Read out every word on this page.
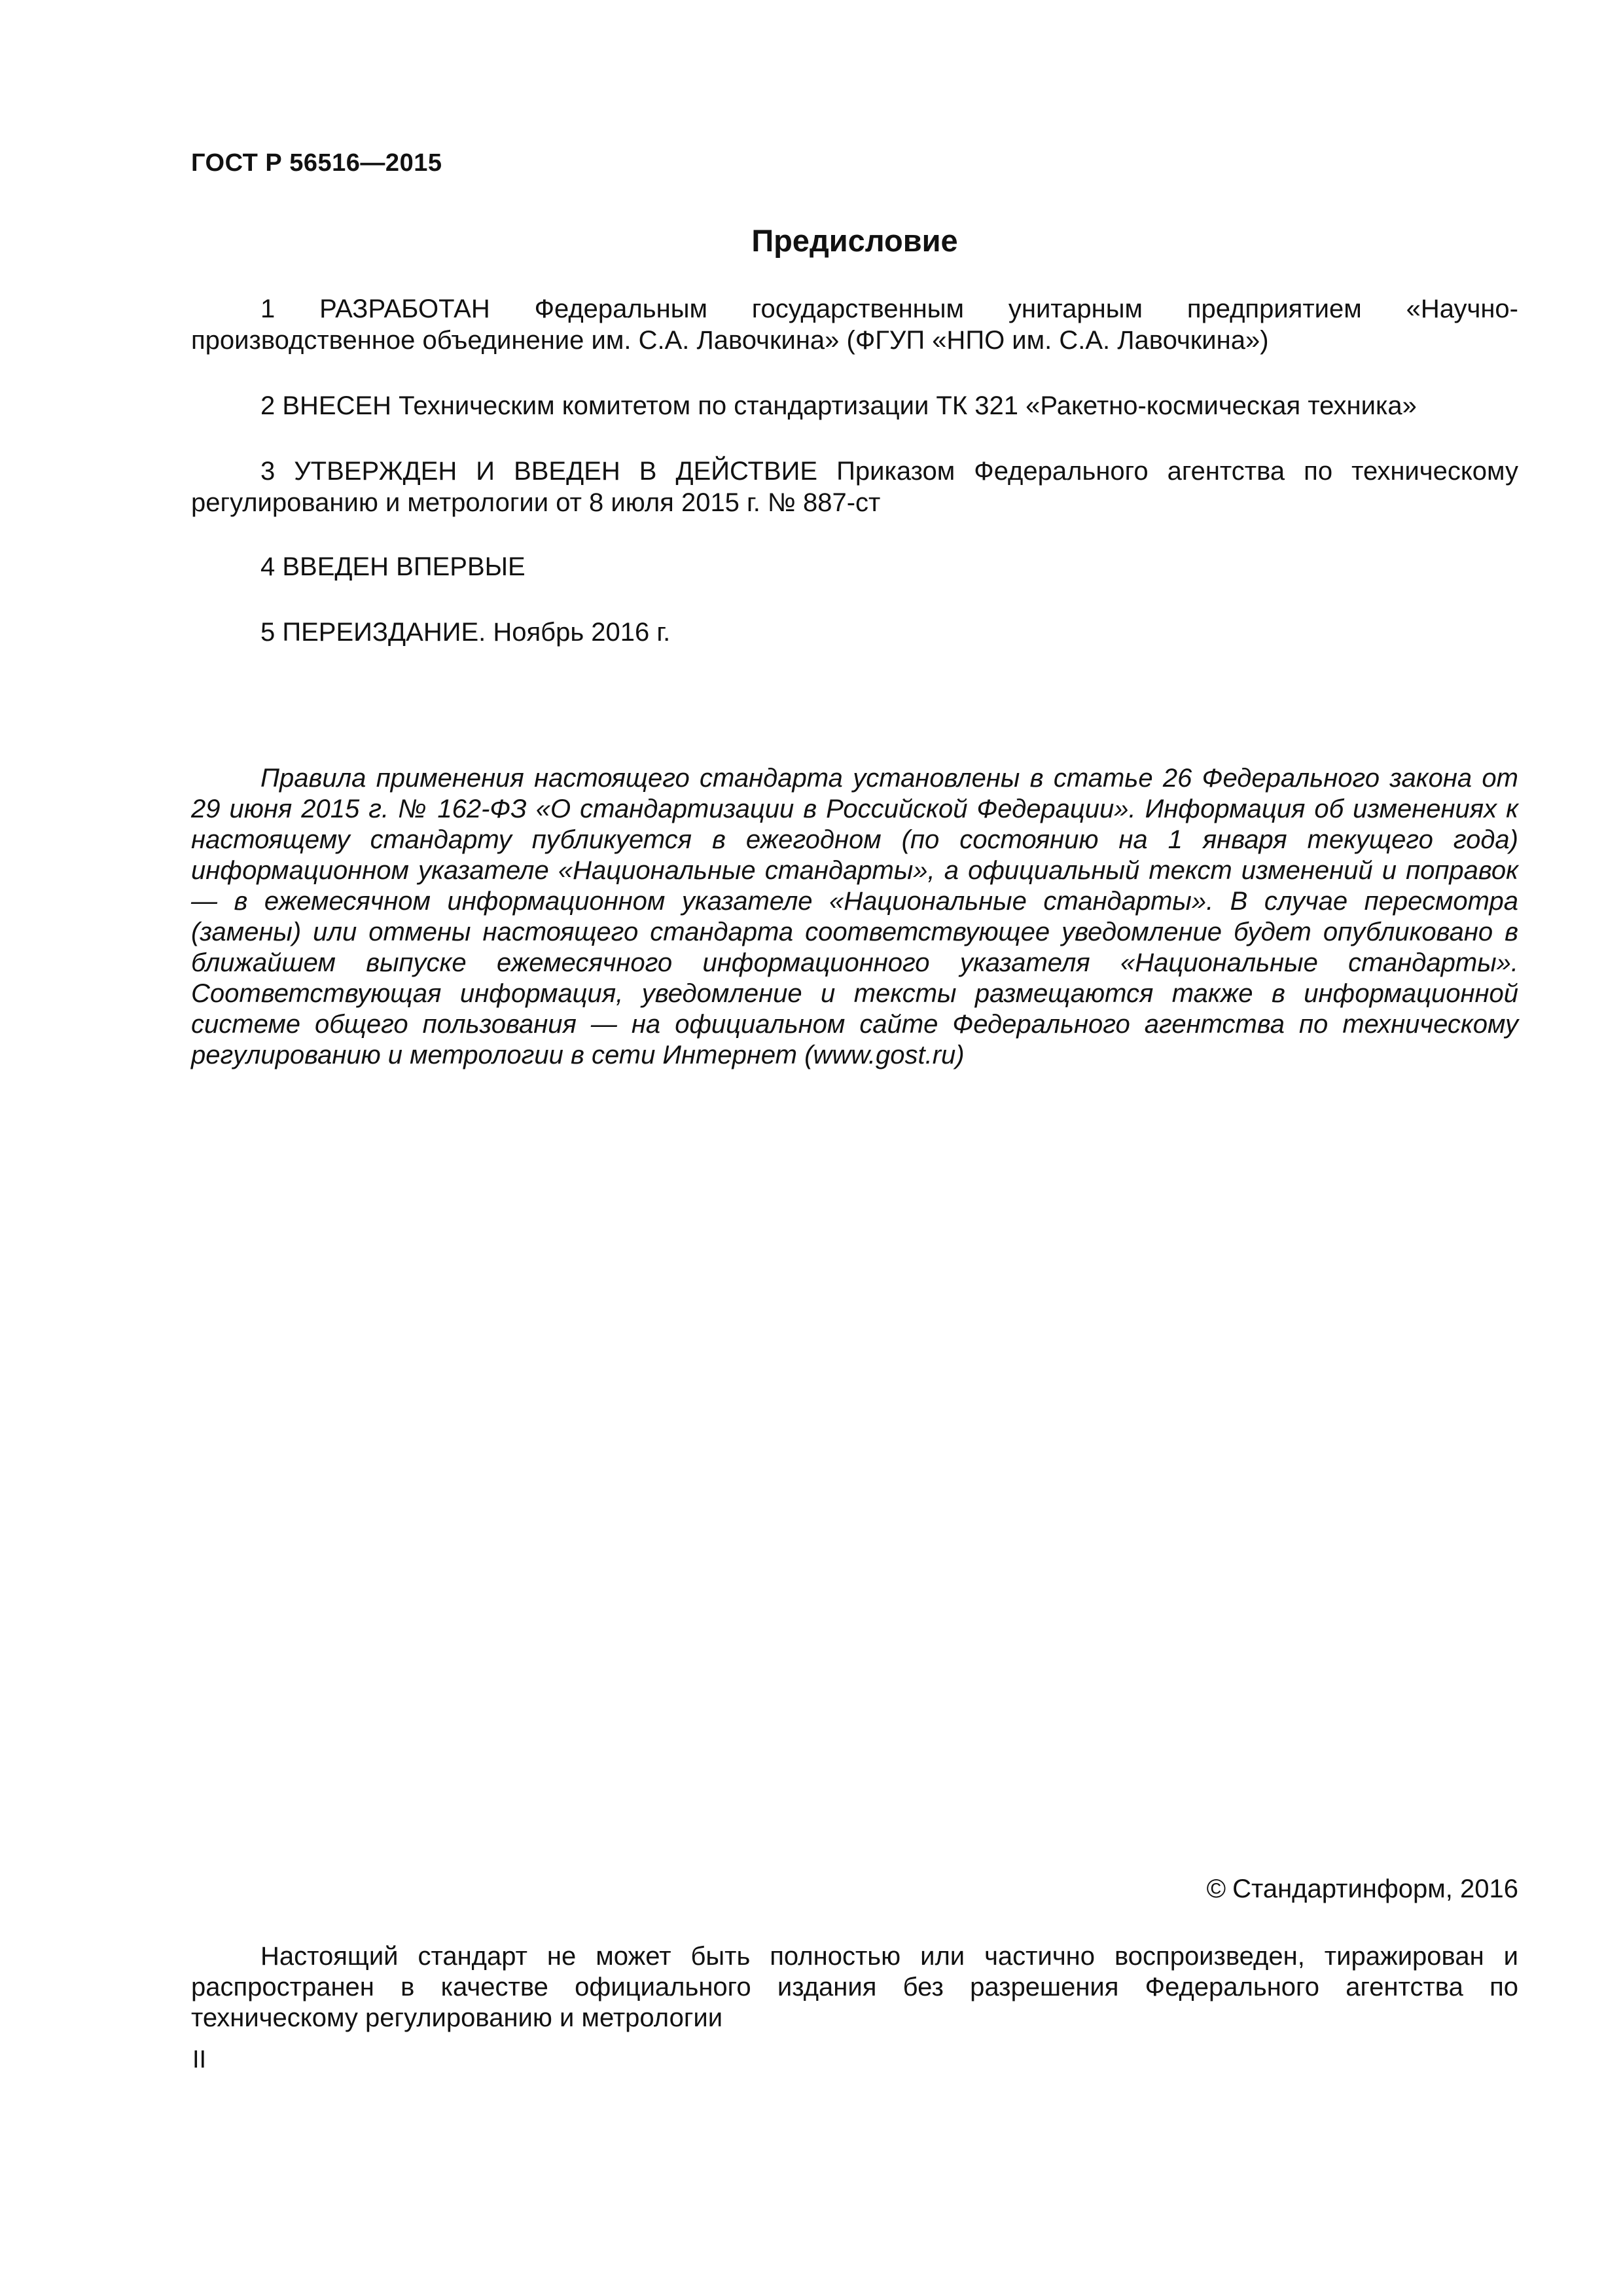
ГОСТ Р 56516—2015
Предисловие

1 РАЗРАБОТАН Федеральным государственным унитарным предприятием «Научно-производственное объединение им. С.А. Лавочкина» (ФГУП «НПО им. С.А. Лавочкина»)

2 ВНЕСЕН Техническим комитетом по стандартизации ТК 321 «Ракетно-космическая техника»

3 УТВЕРЖДЕН И ВВЕДЕН В ДЕЙСТВИЕ Приказом Федерального агентства по техническому регулированию и метрологии от 8 июля 2015 г. № 887-ст

4 ВВЕДЕН ВПЕРВЫЕ

5 ПЕРЕИЗДАНИЕ. Ноябрь 2016 г.

Правила применения настоящего стандарта установлены в статье 26 Федерального закона от 29 июня 2015 г. № 162-ФЗ «О стандартизации в Российской Федерации». Информация об изменениях к настоящему стандарту публикуется в ежегодном (по состоянию на 1 января текущего года) информационном указателе «Национальные стандарты», а официальный текст изменений и поправок — в ежемесячном информационном указателе «Национальные стандарты». В случае пересмотра (замены) или отмены настоящего стандарта соответствующее уведомление будет опубликовано в ближайшем выпуске ежемесячного информационного указателя «Национальные стандарты». Соответствующая информация, уведомление и тексты размещаются также в информационной системе общего пользования — на официальном сайте Федерального агентства по техническому регулированию и метрологии в сети Интернет (www.gost.ru)

© Стандартинформ, 2016

Настоящий стандарт не может быть полностью или частично воспроизведен, тиражирован и распространен в качестве официального издания без разрешения Федерального агентства по техническому регулированию и метрологии

II
